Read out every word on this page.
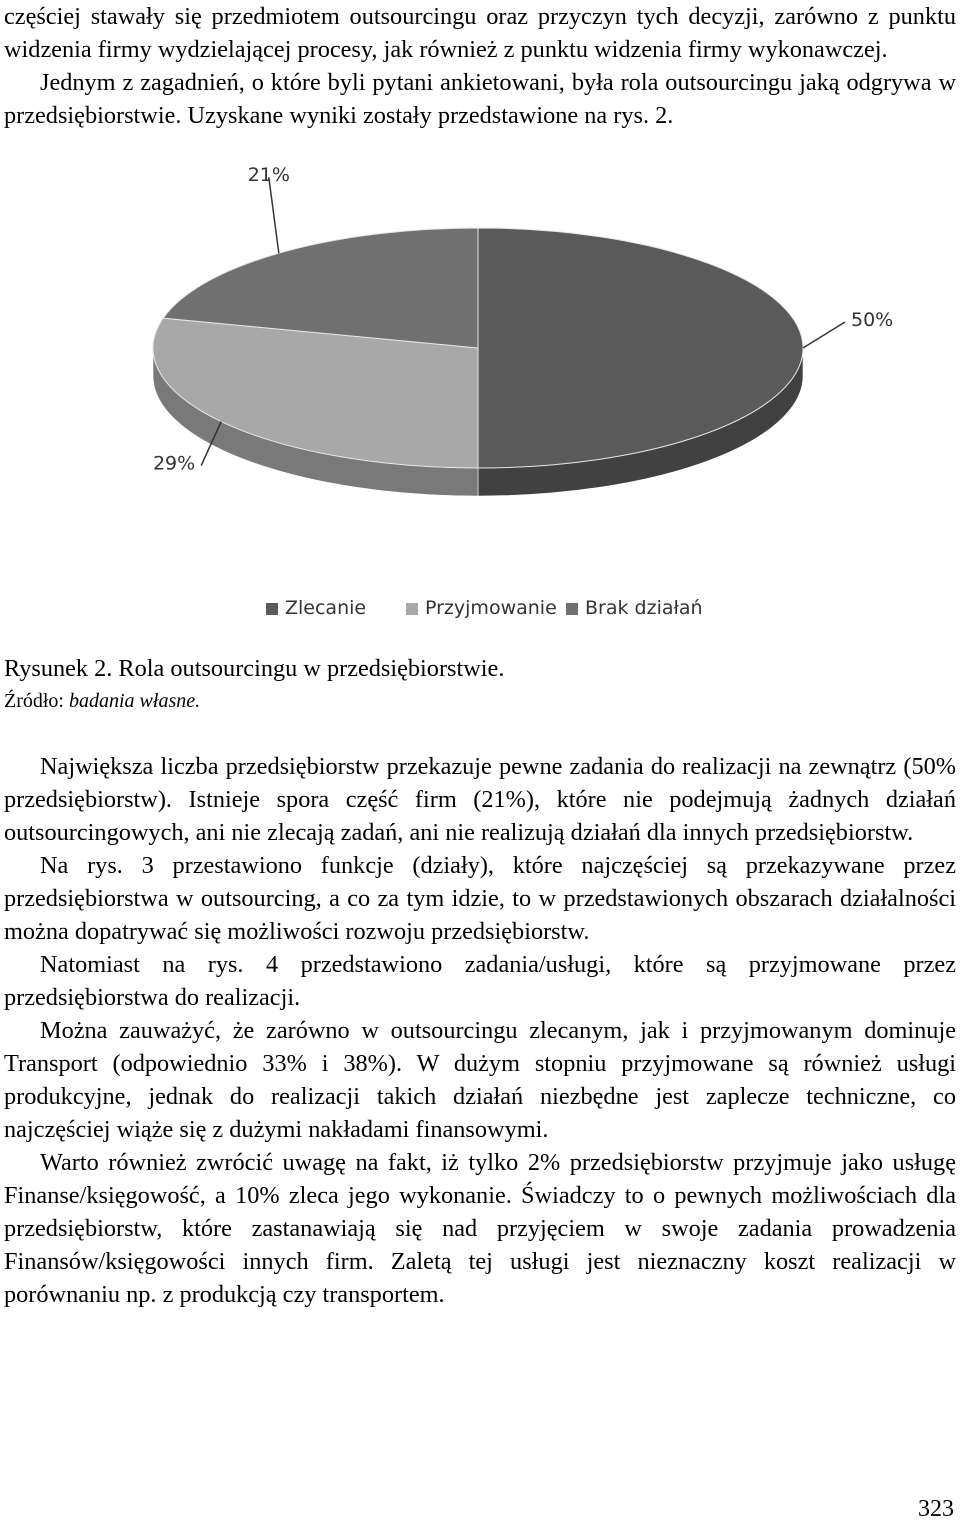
częściej stawały się przedmiotem outsourcingu oraz przyczyn tych decyzji, zarówno z punktu widzenia firmy wydzielającej procesy, jak również z punktu widzenia firmy wykonawczej.

Jednym z zagadnień, o które byli pytani ankietowani, była rola outsourcingu jaką odgrywa w przedsiębiorstwie. Uzyskane wyniki zostały przedstawione na rys. 2.

50%
29%
21%
Zlecanie	Przyjmowanie Brak działań

Rysunek 2. Rola outsourcingu w przedsiębiorstwie.

Źródło: badania własne.

Największa liczba przedsiębiorstw przekazuje pewne zadania do realizacji na zewnątrz (50% przedsiębiorstw). Istnieje spora część firm (21%), które nie podejmują żadnych działań outsourcingowych, ani nie zlecają zadań, ani nie realizują działań dla innych przedsiębiorstw.

Na rys. 3 przestawiono funkcje (działy), które najczęściej są przekazywane przez przedsiębiorstwa w outsourcing, a co za tym idzie, to w przedstawionych obszarach działalności można dopatrywać się możliwości rozwoju przedsiębiorstw.

Natomiast na rys. 4 przedstawiono zadania/usługi, które są przyjmowane przez przedsiębiorstwa do realizacji.

Można zauważyć, że zarówno w outsourcingu zlecanym, jak i przyjmowanym dominuje Transport (odpowiednio 33% i 38%). W dużym stopniu przyjmowane są również usługi produkcyjne, jednak do realizacji takich działań niezbędne jest zaplecze techniczne, co najczęściej wiąże się z dużymi nakładami finansowymi.

Warto również zwrócić uwagę na fakt, iż tylko 2% przedsiębiorstw przyjmuje jako usługę Finanse/księgowość, a 10% zleca jego wykonanie. Świadczy to o pewnych możliwościach dla przedsiębiorstw, które zastanawiają się nad przyjęciem w swoje zadania prowadzenia Finansów/księgowości innych firm. Zaletą tej usługi jest nieznaczny koszt realizacji w porównaniu np. z produkcją czy transportem.

323
